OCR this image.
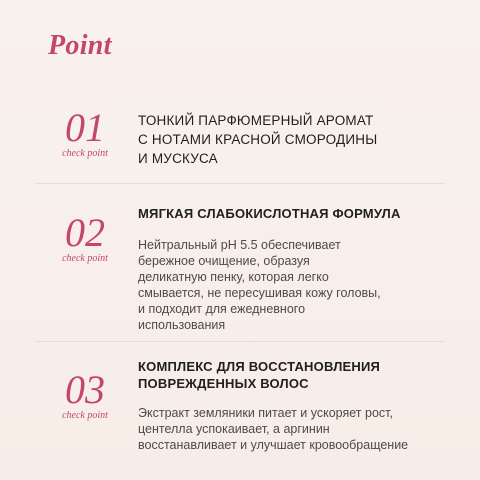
Point
01
check point
ТОНКИЙ ПАРФЮМЕРНЫЙ АРОМАТ
С НОТАМИ КРАСНОЙ СМОРОДИНЫ
И МУСКУСА
02
check point
МЯГКАЯ СЛАБОКИСЛОТНАЯ ФОРМУЛА
Нейтральный pH 5.5 обеспечивает
бережное очищение, образуя
деликатную пенку, которая легко
смывается, не пересушивая кожу головы,
и подходит для ежедневного
использования
03
check point
КОМПЛЕКС ДЛЯ ВОССТАНОВЛЕНИЯ
ПОВРЕЖДЕННЫХ ВОЛОС
Экстракт земляники питает и ускоряет рост,
центелла успокаивает, а аргинин
восстанавливает и улучшает кровообращение
